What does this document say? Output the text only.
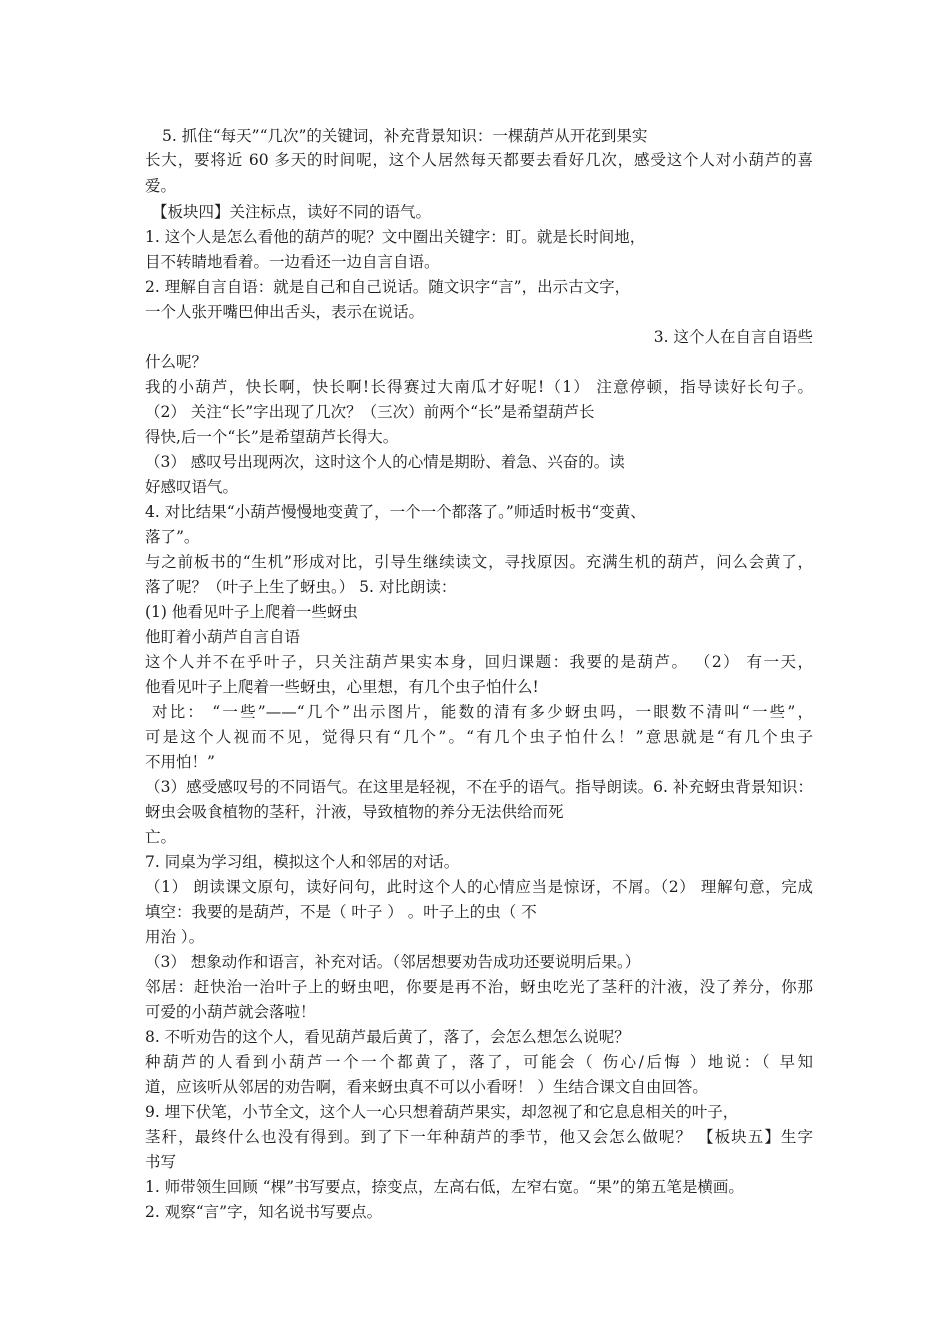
5. 抓住“每天”“几次”的关键词，补充背景知识：一棵葫芦从开花到果实
长大，要将近 60 多天的时间呢，这个人居然每天都要去看好几次，感受这个人对小葫芦的喜
爱。
【板块四】关注标点，读好不同的语气。
1. 这个人是怎么看他的葫芦的呢？文中圈出关键字：盯。就是长时间地，
目不转睛地看着。一边看还一边自言自语。
2. 理解自言自语：就是自己和自己说话。随文识字“言”，出示古文字，
一个人张开嘴巴伸出舌头，表示在说话。
3. 这个人在自言自语些
什么呢？
我的小葫芦，快长啊，快长啊!长得赛过大南瓜才好呢!（1） 注意停顿，指导读好长句子。
（2） 关注“长”字出现了几次？（三次）前两个“长”是希望葫芦长
得快,后一个“长”是希望葫芦长得大。
（3） 感叹号出现两次，这时这个人的心情是期盼、着急、兴奋的。读
好感叹语气。
4. 对比结果“小葫芦慢慢地变黄了，一个一个都落了。”师适时板书“变黄、
落了”。
与之前板书的“生机”形成对比，引导生继续读文，寻找原因。充满生机的葫芦，问么会黄了，
落了呢？（叶子上生了蚜虫。） 5. 对比朗读：
(1) 他看见叶子上爬着一些蚜虫
他盯着小葫芦自言自语
这个人并不在乎叶子，只关注葫芦果实本身，回归课题：我要的是葫芦。 （2） 有一天，
他看见叶子上爬着一些蚜虫，心里想，有几个虫子怕什么!
对比： “一些”——“几个”出示图片，能数的清有多少蚜虫吗，一眼数不清叫“一些”，
可是这个人视而不见，觉得只有“几个”。“有几个虫子怕什么！”意思就是“有几个虫子
不用怕！”
（3）感受感叹号的不同语气。在这里是轻视，不在乎的语气。指导朗读。6. 补充蚜虫背景知识：
蚜虫会吸食植物的茎秆，汁液，导致植物的养分无法供给而死
亡。
7. 同桌为学习组，模拟这个人和邻居的对话。
（1） 朗读课文原句，读好问句，此时这个人的心情应当是惊讶，不屑。（2） 理解句意，完成
填空：我要的是葫芦，不是（ 叶子 ） 。叶子上的虫（ 不
用治 ）。
（3） 想象动作和语言，补充对话。（邻居想要劝告成功还要说明后果。）
邻居：赶快治一治叶子上的蚜虫吧，你要是再不治，蚜虫吃光了茎秆的汁液，没了养分，你那
可爱的小葫芦就会落啦！
8. 不听劝告的这个人，看见葫芦最后黄了，落了，会怎么想怎么说呢？
种葫芦的人看到小葫芦一个一个都黄了，落了，可能会（ 伤心/后悔 ）地说：（ 早知
道，应该听从邻居的劝告啊，看来蚜虫真不可以小看呀！ ）生结合课文自由回答。
9. 埋下伏笔，小节全文，这个人一心只想着葫芦果实，却忽视了和它息息相关的叶子，
茎秆，最终什么也没有得到。到了下一年种葫芦的季节，他又会怎么做呢？ 【板块五】生字
书写
1. 师带领生回顾 “棵”书写要点，捺变点，左高右低，左窄右宽。“果”的第五笔是横画。
2. 观察“言”字，知名说书写要点。
